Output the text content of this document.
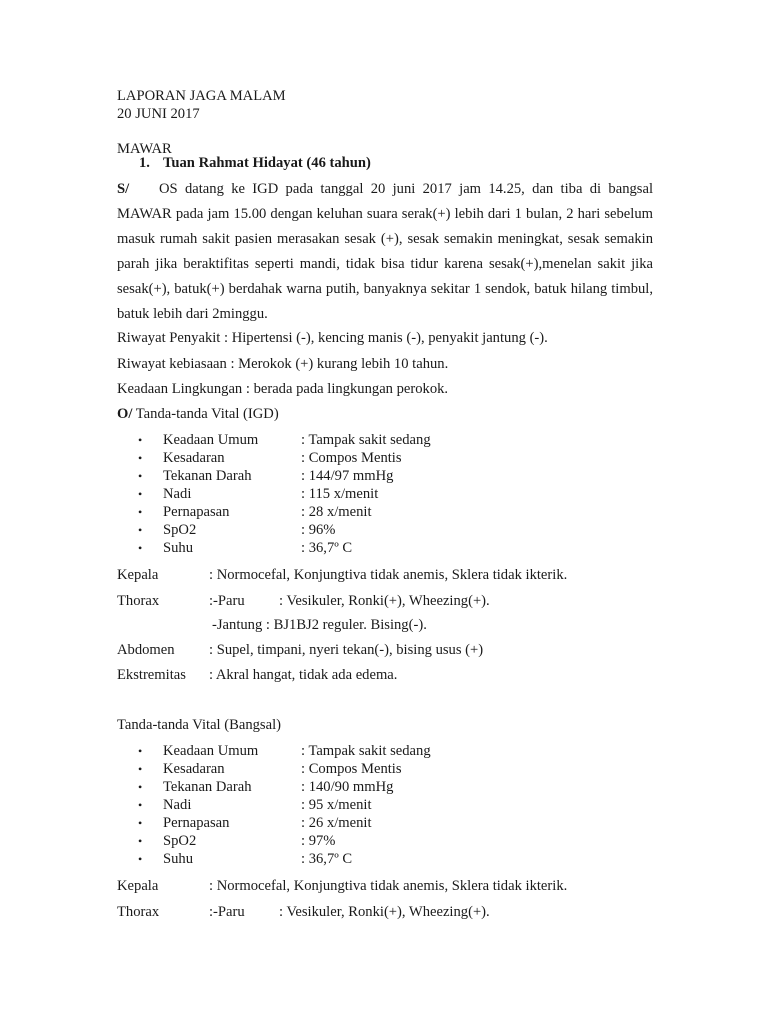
LAPORAN JAGA MALAM
20 JUNI 2017
MAWAR
1. Tuan Rahmat Hidayat (46 tahun)
S/ OS datang ke IGD pada tanggal 20 juni 2017 jam 14.25, dan tiba di bangsal MAWAR pada jam 15.00 dengan keluhan suara serak(+) lebih dari 1 bulan, 2 hari sebelum masuk rumah sakit pasien merasakan sesak (+), sesak semakin meningkat, sesak semakin parah jika beraktifitas seperti mandi, tidak bisa tidur karena sesak(+),menelan sakit jika sesak(+), batuk(+) berdahak warna putih, banyaknya sekitar 1 sendok, batuk hilang timbul, batuk lebih dari 2minggu.
Riwayat Penyakit : Hipertensi (-), kencing manis (-), penyakit jantung (-).
Riwayat kebiasaan : Merokok (+) kurang lebih 10 tahun.
Keadaan Lingkungan : berada pada lingkungan perokok.
O/ Tanda-tanda Vital (IGD)
• Keadaan Umum	: Tampak sakit sedang
• Kesadaran	: Compos Mentis
• Tekanan Darah	: 144/97 mmHg
• Nadi	: 115 x/menit
• Pernapasan	: 28 x/menit
• SpO2	: 96%
• Suhu	: 36,7º C
Kepala	: Normocefal, Konjungtiva tidak anemis, Sklera tidak ikterik.
Thorax	:-Paru : Vesikuler, Ronki(+), Wheezing(+).
-Jantung : BJ1BJ2 reguler. Bising(-).
Abdomen : Supel, timpani, nyeri tekan(-), bising usus (+)
Ekstremitas : Akral hangat, tidak ada edema.
Tanda-tanda Vital (Bangsal)
• Keadaan Umum	: Tampak sakit sedang
• Kesadaran	: Compos Mentis
• Tekanan Darah	: 140/90 mmHg
• Nadi	: 95 x/menit
• Pernapasan	: 26 x/menit
• SpO2	: 97%
• Suhu	: 36,7º C
Kepala	: Normocefal, Konjungtiva tidak anemis, Sklera tidak ikterik.
Thorax	:-Paru : Vesikuler, Ronki(+), Wheezing(+).
